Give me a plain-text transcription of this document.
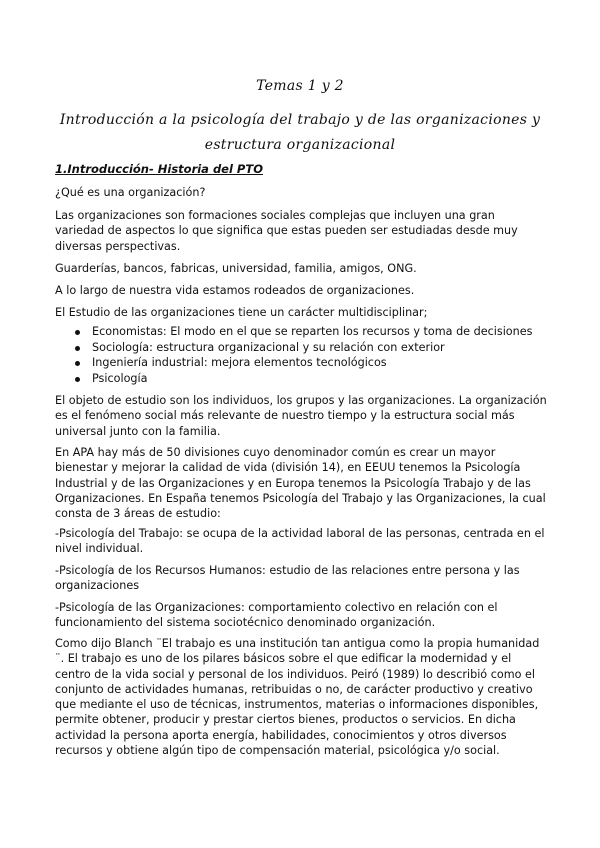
Temas 1 y 2
Introducción a la psicología del trabajo y de las organizaciones y estructura organizacional
1.Introducción- Historia del PTO

¿Qué es una organización?

Las organizaciones son formaciones sociales complejas que incluyen una gran variedad de aspectos lo que significa que estas pueden ser estudiadas desde muy diversas perspectivas.

Guarderías, bancos, fabricas, universidad, familia, amigos, ONG.

A lo largo de nuestra vida estamos rodeados de organizaciones.

El Estudio de las organizaciones tiene un carácter multidisciplinar;

Economistas: El modo en el que se reparten los recursos y toma de decisiones
Sociología: estructura organizacional y su relación con exterior
Ingeniería industrial: mejora elementos tecnológicos
Psicología

El objeto de estudio son los individuos, los grupos y las organizaciones. La organización es el fenómeno social más relevante de nuestro tiempo y la estructura social más universal junto con la familia.

En APA hay más de 50 divisiones cuyo denominador común es crear un mayor bienestar y mejorar la calidad de vida (división 14), en EEUU tenemos la Psicología Industrial y de las Organizaciones y en Europa tenemos la Psicología Trabajo y de las Organizaciones. En España tenemos Psicología del Trabajo y las Organizaciones, la cual consta de 3 áreas de estudio:

-Psicología del Trabajo: se ocupa de la actividad laboral de las personas, centrada en el nivel individual.

-Psicología de los Recursos Humanos: estudio de las relaciones entre persona y las organizaciones

-Psicología de las Organizaciones: comportamiento colectivo en relación con el funcionamiento del sistema sociotécnico denominado organización.

Como dijo Blanch ¨El trabajo es una institución tan antigua como la propia humanidad ¨. El trabajo es uno de los pilares básicos sobre el que edificar la modernidad y el centro de la vida social y personal de los individuos. Peiró (1989) lo describió como el conjunto de actividades humanas, retribuidas o no, de carácter productivo y creativo que mediante el uso de técnicas, instrumentos, materias o informaciones disponibles, permite obtener, producir y prestar ciertos bienes, productos o servicios. En dicha actividad la persona aporta energía, habilidades, conocimientos y otros diversos recursos y obtiene algún tipo de compensación material, psicológica y/o social.
